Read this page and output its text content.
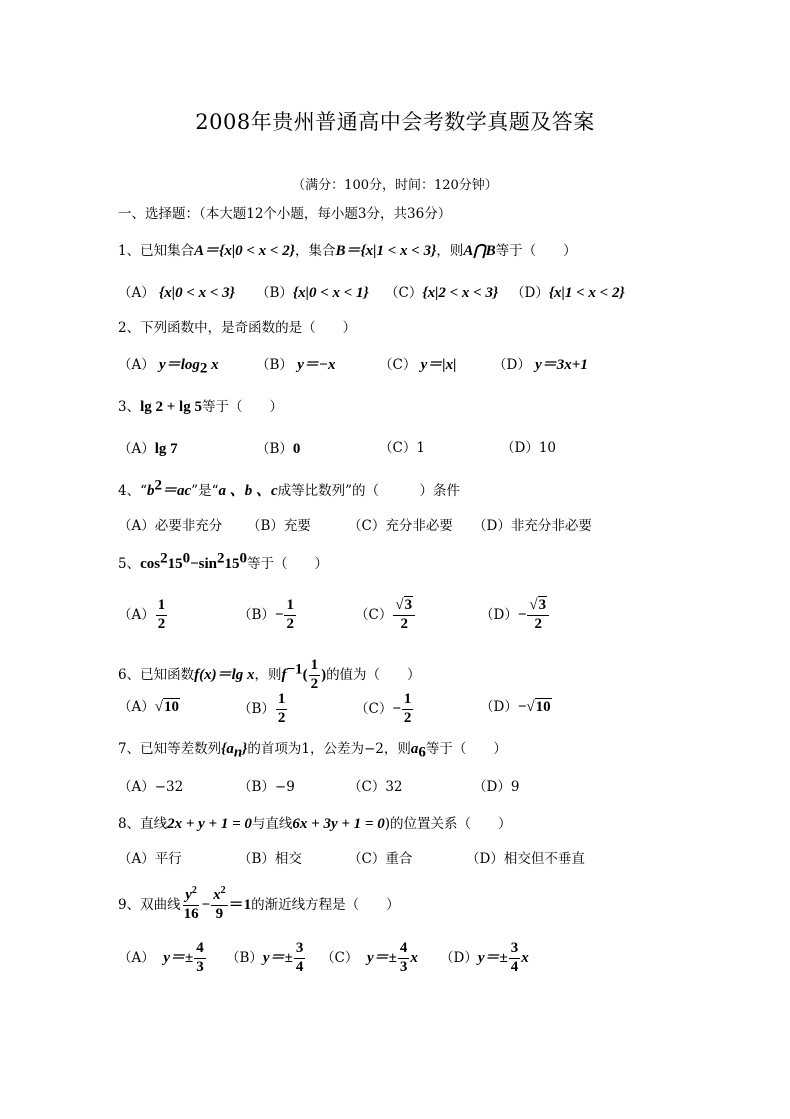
2008年贵州普通高中会考数学真题及答案
（满分：100分，时间：120分钟）
一、选择题：（本大题12个小题，每小题3分，共36分）
1、已知集合A＝{x|0 < x < 2}，集合B＝{x|1 < x < 3}，则A⋂B等于（　　）
（A） {x|0 < x < 3} （B）{x|0 < x < 1} （C）{x|2 < x < 3} （D）{x|1 < x < 2}
2、下列函数中，是奇函数的是（　　）
（A） $y=\log_2$ x	（B） y＝−x	（C） y＝|x|	（D） y＝3x+1
3、lg 2 + lg 5等于（　　）
（A）lg 7	（B）0	（C）1	（D）10
4、“$b^2=ac$”是“a 、b 、c成等比数列”的（　　　）条件
（A）必要非充分 （B）充要	（C）充分非必要 （D）非充分非必要
5、$\cos^215^0-\sin^215^0$等于（　　）
$(A) \frac{1}{2}$	$(B)- \frac{1}{2}$	$(C) \frac{√3}{2}$	$(D)- \frac{√3}{2}$
6、已知函数f(x)＝lg x，则$f^{-1}( \frac{1}{2}$ )的值为（　　）
（A）√10	$(B) \frac{1}{2}$	$(C)- \frac{1}{2}$	（D）−√10
7、已知等差数列$\{a_n\}$的首项为1，公差为−2，则$a_6$等于（　　）
（A）−32	（B）−9	（C）32	（D）9
8、直线2x + y + 1 = 0与直线6x + 3y + 1 = 0)的位置关系（　　）
（A）平行	（B）相交	（C）重合	（D）相交但不垂直
9、双曲线 $\frac{y^2}{16} - \frac{x^2}{9} =1$的渐近线方程是（　　）
（A） $y=\pm \frac{4}{3} (B)y=\pm \frac{3}{4} (C)$ $y=\pm \frac{4}{3}$ x $(D)y=\pm \frac{3}{4}$ x
